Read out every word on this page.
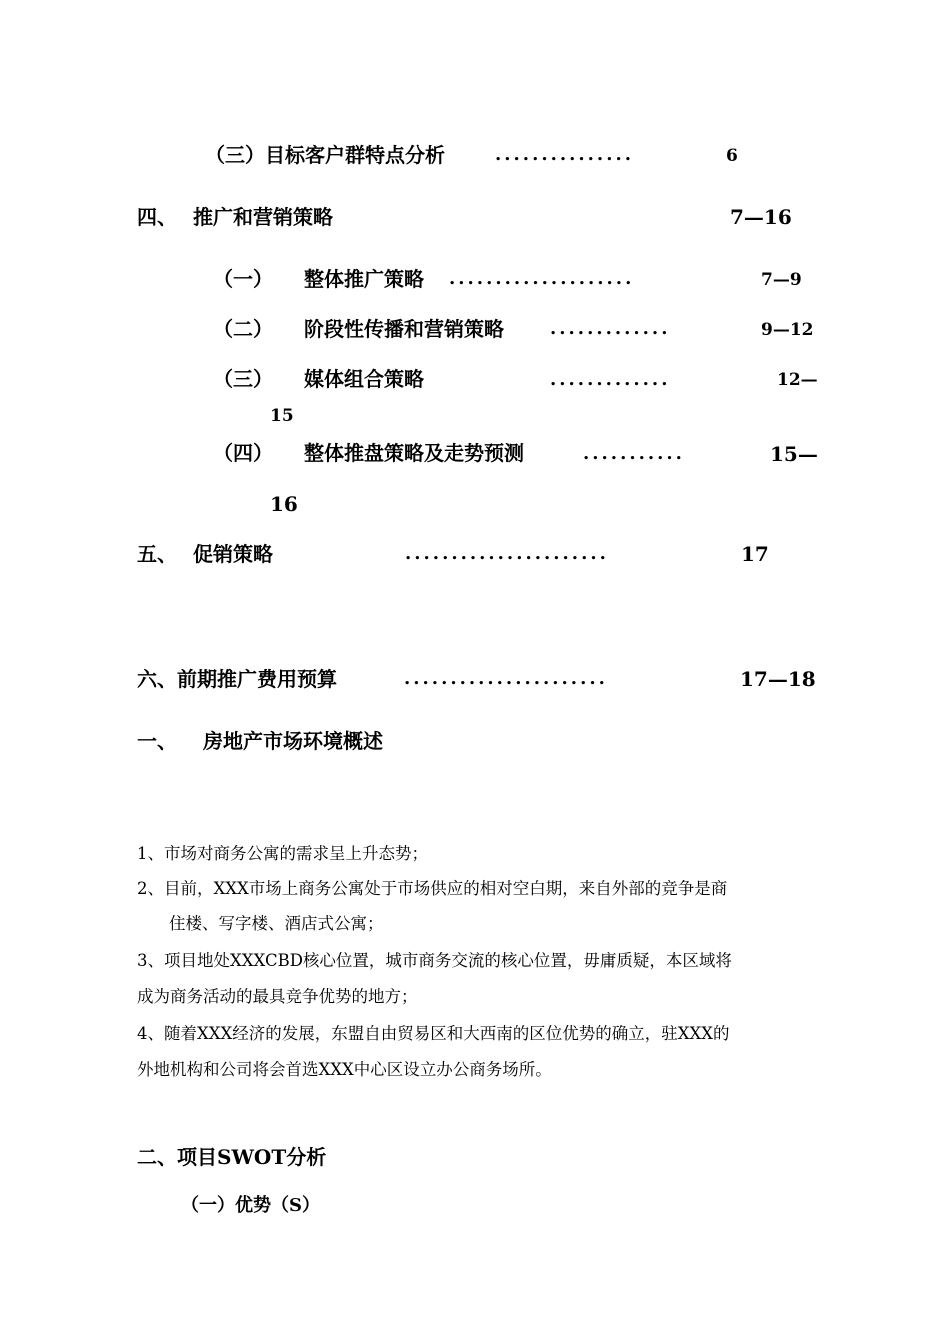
（三）目标客户群特点分析	...............	6
四、 推广和营销策略	7—16
（一） 整体推广策略 ....................	7—9
（二） 阶段性传播和营销策略	.............	9—12
（三） 媒体组合策略	.............	12—
15
（四） 整体推盘策略及走势预测	...........	15—
16
五、 促销策略	......................	17
六、前期推广费用预算	......................	17—18
一、 房地产市场环境概述
1、市场对商务公寓的需求呈上升态势；
2、目前，XXX市场上商务公寓处于市场供应的相对空白期，来自外部的竞争是商
住楼、写字楼、酒店式公寓；
3、项目地处XXXCBD核心位置，城市商务交流的核心位置，毋庸质疑，本区域将
成为商务活动的最具竞争优势的地方；
4、随着XXX经济的发展，东盟自由贸易区和大西南的区位优势的确立，驻XXX的
外地机构和公司将会首选XXX中心区设立办公商务场所。
二、项目SWOT分析
（一）优势（S）
